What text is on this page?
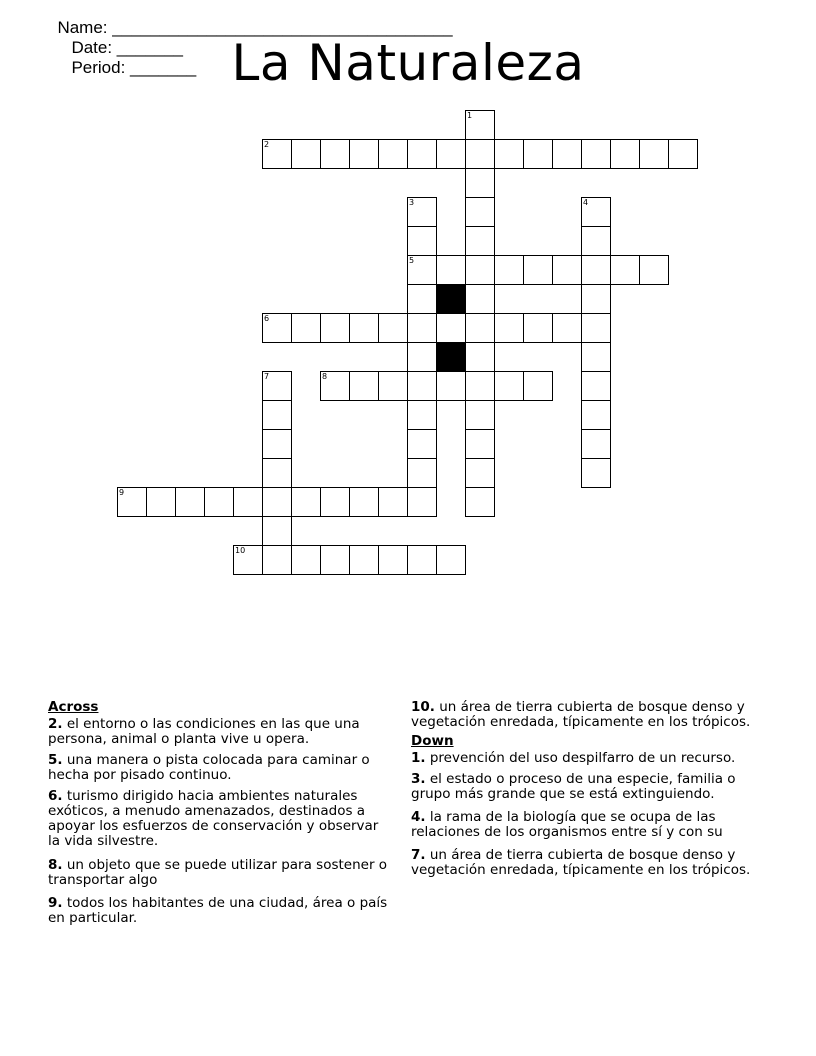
Name: ____________________________________
Date: _______
Period: _______ La Naturaleza
2
5
6
8
9
10
1
3	4
7
Across
2. el entorno o las condiciones en las que una persona, animal o planta vive u opera.
5. una manera o pista colocada para caminar o hecha por pisado continuo.
6. turismo dirigido hacia ambientes naturales exóticos, a menudo amenazados, destinados a apoyar los esfuerzos de conservación y observar la vida silvestre.
8. un objeto que se puede utilizar para sostener o transportar algo
9. todos los habitantes de una ciudad, área o país en particular.
10. un área de tierra cubierta de bosque denso y vegetación enredada, típicamente en los trópicos.
Down
1. prevención del uso despilfarro de un recurso.
3. el estado o proceso de una especie, familia o grupo más grande que se está extinguiendo.
4. la rama de la biología que se ocupa de las relaciones de los organismos entre sí y con su
7. un área de tierra cubierta de bosque denso y vegetación enredada, típicamente en los trópicos.
